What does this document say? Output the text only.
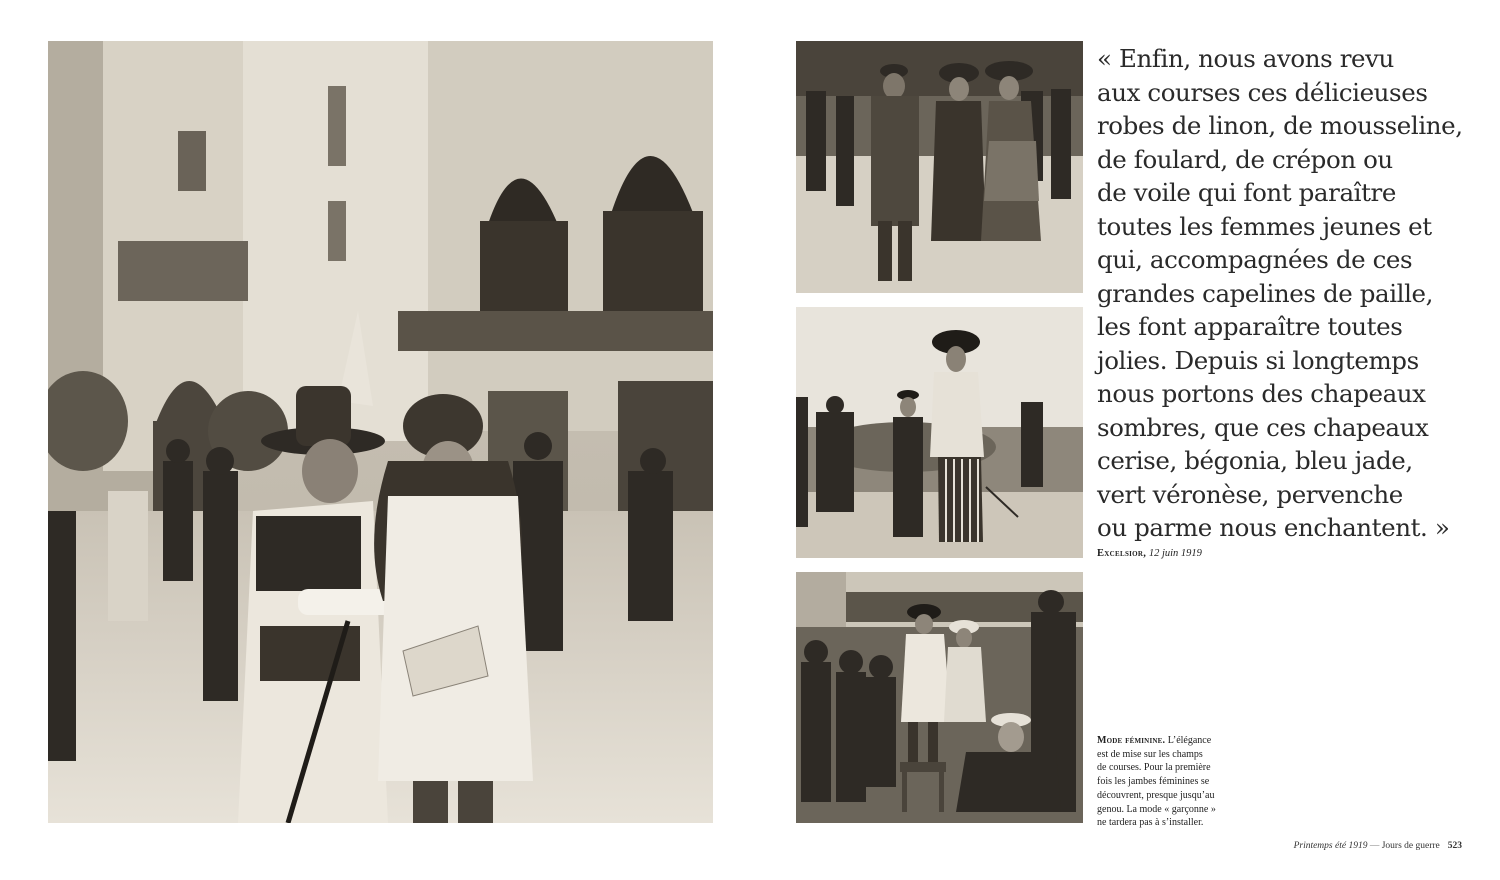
« Enfin, nous avons revu
aux courses ces délicieuses
robes de linon, de mousseline,
de foulard, de crépon ou
de voile qui font paraître
toutes les femmes jeunes et
qui, accompagnées de ces
grandes capelines de paille,
les font apparaître toutes
jolies. Depuis si longtemps
nous portons des chapeaux
sombres, que ces chapeaux
cerise, bégonia, bleu jade,
vert véronèse, pervenche
ou parme nous enchantent. »
Excelsior, 12 juin 1919
Mode féminine. L’élégance
est de mise sur les champs
de courses. Pour la première
fois les jambes féminines se
découvrent, presque jusqu’au
genou. La mode « garçonne »
ne tardera pas à s’installer.
Printemps été 1919 — Jours de guerre 523
